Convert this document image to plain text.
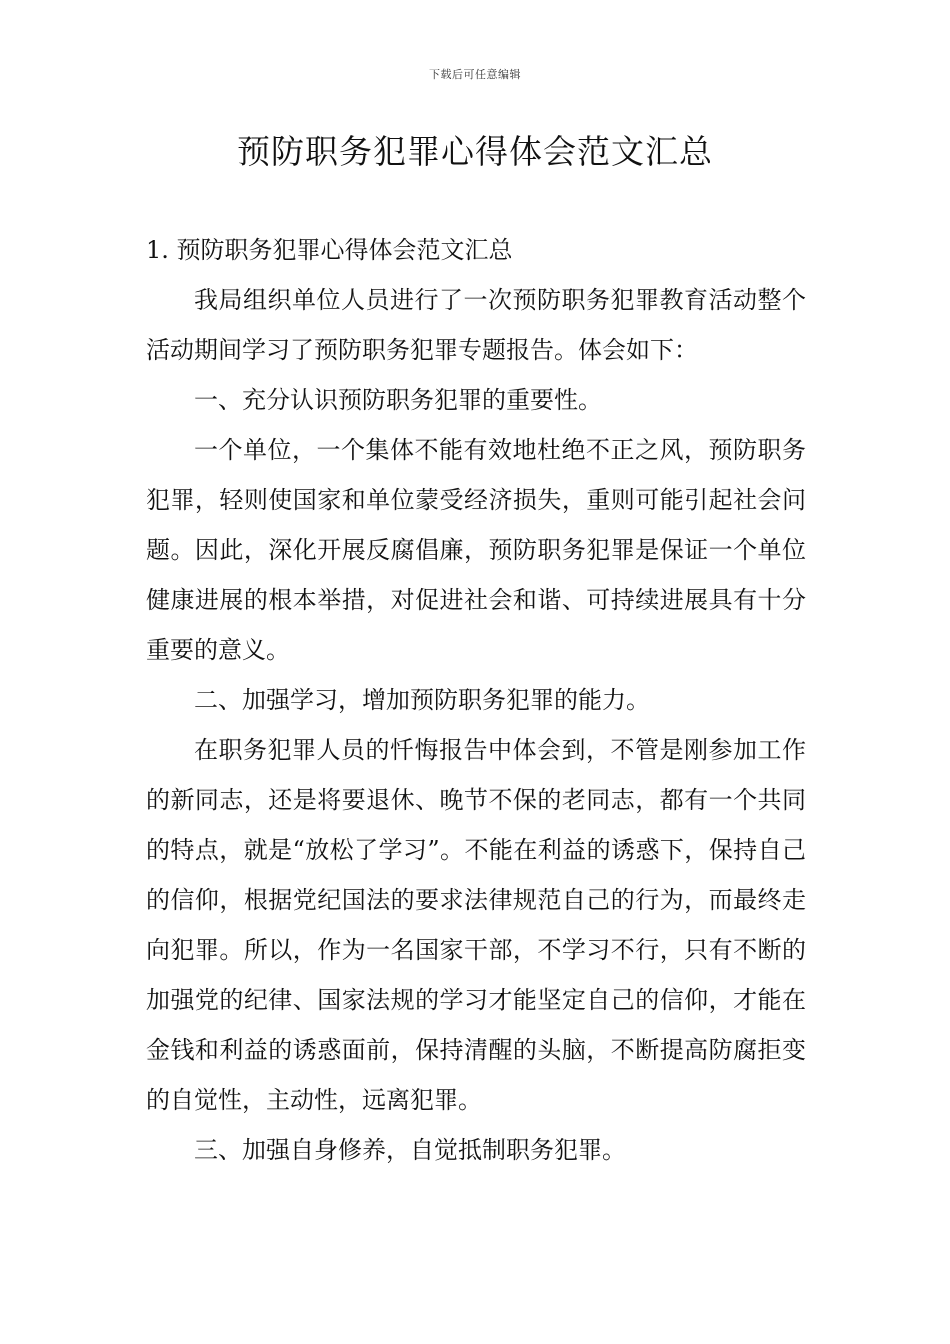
下载后可任意编辑
预防职务犯罪心得体会范文汇总

1. 预防职务犯罪心得体会范文汇总

我局组织单位人员进行了一次预防职务犯罪教育活动整个活动期间学习了预防职务犯罪专题报告。体会如下：

一、充分认识预防职务犯罪的重要性。

一个单位，一个集体不能有效地杜绝不正之风，预防职务犯罪，轻则使国家和单位蒙受经济损失，重则可能引起社会问题。因此，深化开展反腐倡廉，预防职务犯罪是保证一个单位健康进展的根本举措，对促进社会和谐、可持续进展具有十分重要的意义。

二、加强学习，增加预防职务犯罪的能力。

在职务犯罪人员的忏悔报告中体会到，不管是刚参加工作的新同志，还是将要退休、晚节不保的老同志，都有一个共同的特点，就是“放松了学习”。不能在利益的诱惑下，保持自己的信仰，根据党纪国法的要求法律规范自己的行为，而最终走向犯罪。所以，作为一名国家干部，不学习不行，只有不断的加强党的纪律、国家法规的学习才能坚定自己的信仰，才能在金钱和利益的诱惑面前，保持清醒的头脑，不断提高防腐拒变的自觉性，主动性，远离犯罪。

三、加强自身修养，自觉抵制职务犯罪。
